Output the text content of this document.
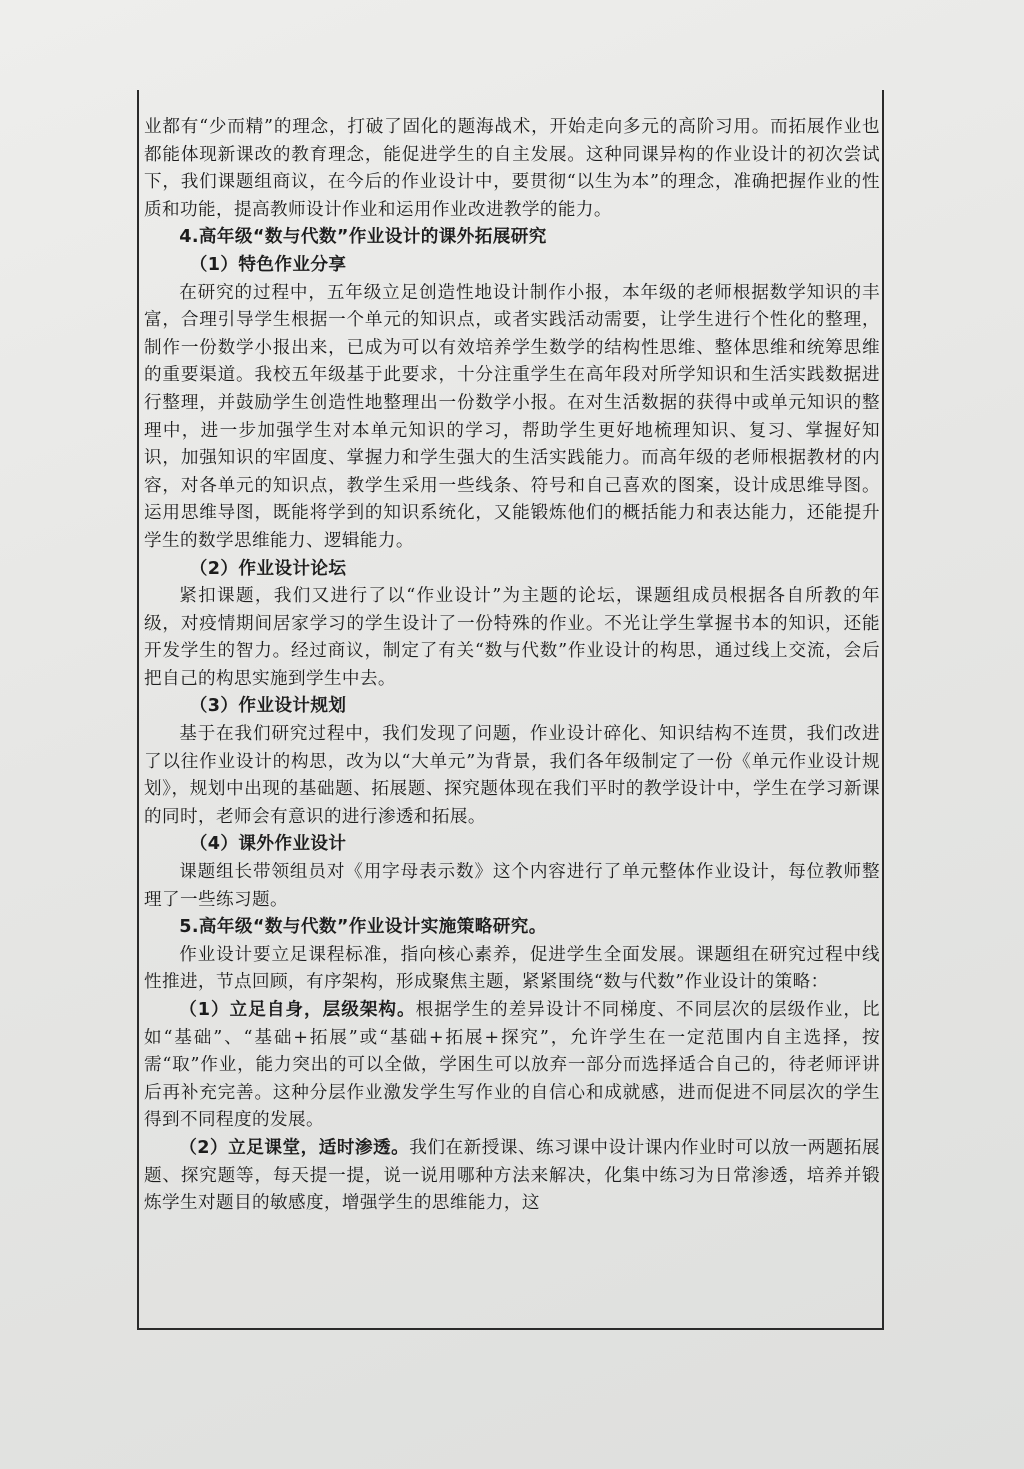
业都有“少而精”的理念，打破了固化的题海战术，开始走向多元的高阶习用。而拓展作业也都能体现新课改的教育理念，能促进学生的自主发展。这种同课异构的作业设计的初次尝试下，我们课题组商议，在今后的作业设计中，要贯彻“以生为本”的理念，准确把握作业的性质和功能，提高教师设计作业和运用作业改进教学的能力。

4.高年级“数与代数”作业设计的课外拓展研究

（1）特色作业分享

在研究的过程中，五年级立足创造性地设计制作小报，本年级的老师根据数学知识的丰富，合理引导学生根据一个单元的知识点，或者实践活动需要，让学生进行个性化的整理，制作一份数学小报出来，已成为可以有效培养学生数学的结构性思维、整体思维和统筹思维的重要渠道。我校五年级基于此要求，十分注重学生在高年段对所学知识和生活实践数据进行整理，并鼓励学生创造性地整理出一份数学小报。在对生活数据的获得中或单元知识的整理中，进一步加强学生对本单元知识的学习，帮助学生更好地梳理知识、复习、掌握好知识，加强知识的牢固度、掌握力和学生强大的生活实践能力。而高年级的老师根据教材的内容，对各单元的知识点，教学生采用一些线条、符号和自己喜欢的图案，设计成思维导图。运用思维导图，既能将学到的知识系统化，又能锻炼他们的概括能力和表达能力，还能提升学生的数学思维能力、逻辑能力。

（2）作业设计论坛

紧扣课题，我们又进行了以“作业设计”为主题的论坛，课题组成员根据各自所教的年级，对疫情期间居家学习的学生设计了一份特殊的作业。不光让学生掌握书本的知识，还能开发学生的智力。经过商议，制定了有关“数与代数”作业设计的构思，通过线上交流，会后把自己的构思实施到学生中去。

（3）作业设计规划

基于在我们研究过程中，我们发现了问题，作业设计碎化、知识结构不连贯，我们改进了以往作业设计的构思，改为以“大单元”为背景，我们各年级制定了一份《单元作业设计规划》，规划中出现的基础题、拓展题、探究题体现在我们平时的教学设计中，学生在学习新课的同时，老师会有意识的进行渗透和拓展。

（4）课外作业设计

课题组长带领组员对《用字母表示数》这个内容进行了单元整体作业设计，每位教师整理了一些练习题。

5.高年级“数与代数”作业设计实施策略研究。

作业设计要立足课程标准，指向核心素养，促进学生全面发展。课题组在研究过程中线性推进，节点回顾，有序架构，形成聚焦主题，紧紧围绕“数与代数”作业设计的策略：

（1）立足自身，层级架构。根据学生的差异设计不同梯度、不同层次的层级作业，比如“基础”、“基础+拓展”或“基础+拓展+探究”，允许学生在一定范围内自主选择，按需“取”作业，能力突出的可以全做，学困生可以放弃一部分而选择适合自己的，待老师评讲后再补充完善。这种分层作业激发学生写作业的自信心和成就感，进而促进不同层次的学生得到不同程度的发展。

（2）立足课堂，适时渗透。我们在新授课、练习课中设计课内作业时可以放一两题拓展题、探究题等，每天提一提，说一说用哪种方法来解决，化集中练习为日常渗透，培养并锻炼学生对题目的敏感度，增强学生的思维能力，这
